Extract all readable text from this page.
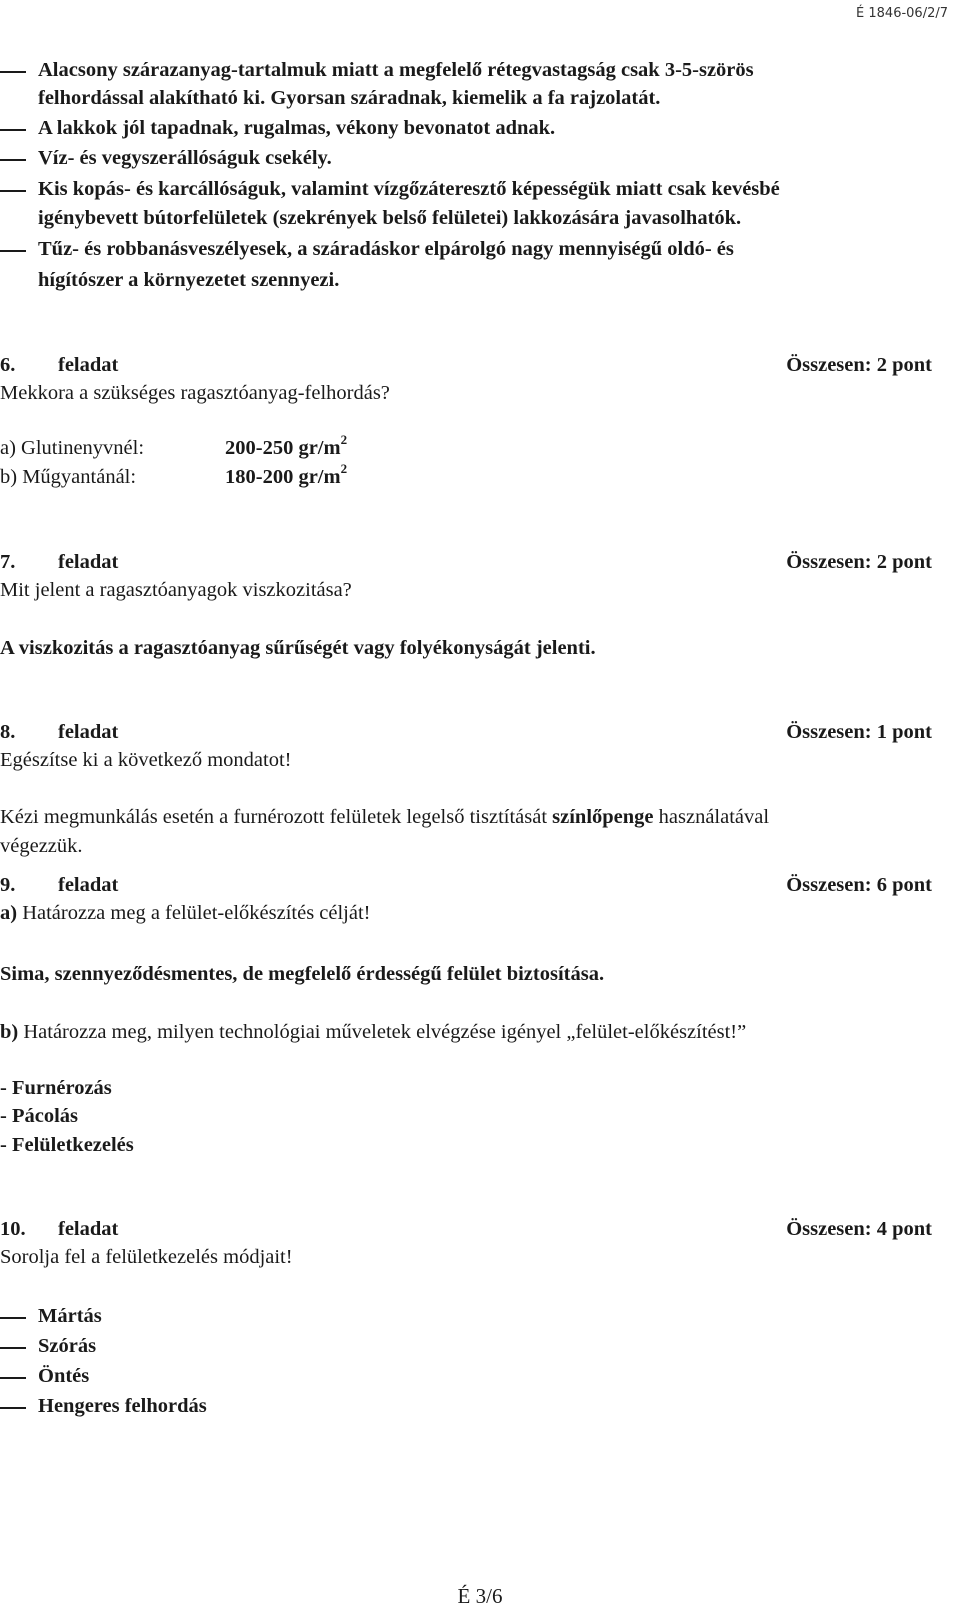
É 1846-06/2/7
Alacsony szárazanyag-tartalmuk miatt a megfelelő rétegvastagság csak 3-5-szörös
felhordással alakítható ki. Gyorsan száradnak, kiemelik a fa rajzolatát.
A lakkok jól tapadnak, rugalmas, vékony bevonatot adnak.
Víz- és vegyszerállóságuk csekély.
Kis kopás- és karcállóságuk, valamint vízgőzáteresztő képességük miatt csak kevésbé
igénybevett bútorfelületek (szekrények belső felületei) lakkozására javasolhatók.
Tűz- és robbanásveszélyesek, a száradáskor elpárolgó nagy mennyiségű oldó- és
hígítószer a környezetet szennyezi.
6. feladat	Összesen: 2 pont
Mekkora a szükséges ragasztóanyag-felhordás?
a) Glutinenyvnél:	200-250 $gr/m^2$
b) Műgyantánál:	180-200 $gr/m^2$
7. feladat	Összesen: 2 pont
Mit jelent a ragasztóanyagok viszkozitása?
A viszkozitás a ragasztóanyag sűrűségét vagy folyékonyságát jelenti.
8. feladat	Összesen: 1 pont
Egészítse ki a következő mondatot!
Kézi megmunkálás esetén a furnérozott felületek legelső tisztítását színlőpenge használatával
végezzük.
9. feladat	Összesen: 6 pont
a) Határozza meg a felület-előkészítés célját!
Sima, szennyeződésmentes, de megfelelő érdességű felület biztosítása.
b) Határozza meg, milyen technológiai műveletek elvégzése igényel „felület-előkészítést!”
- Furnérozás
- Pácolás
- Felületkezelés
10. feladat	Összesen: 4 pont
Sorolja fel a felületkezelés módjait!
Mártás
Szórás
Öntés
Hengeres felhordás
É 3/6
